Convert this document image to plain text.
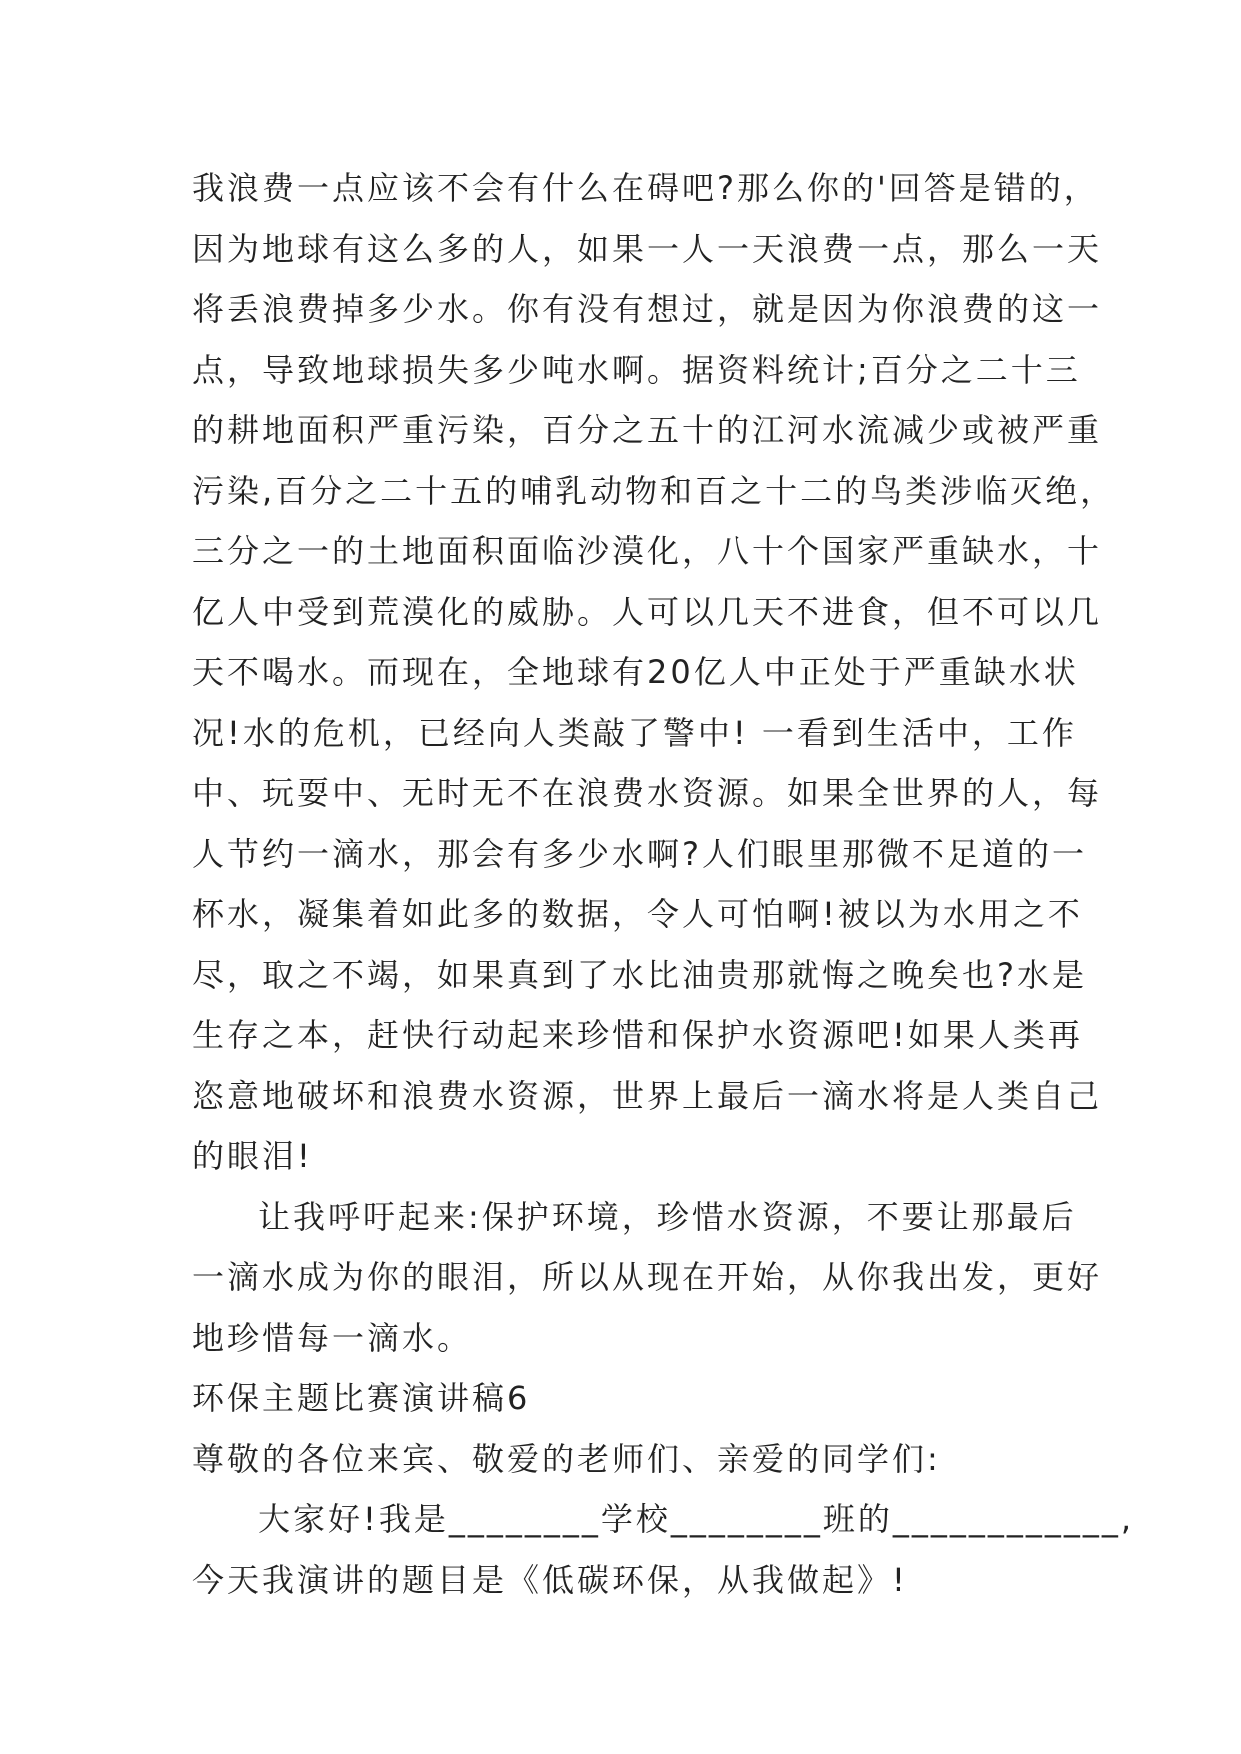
我浪费一点应该不会有什么在碍吧?那么你的'回答是错的，
因为地球有这么多的人，如果一人一天浪费一点，那么一天
将丢浪费掉多少水。你有没有想过，就是因为你浪费的这一
点，导致地球损失多少吨水啊。据资料统计;百分之二十三
的耕地面积严重污染，百分之五十的江河水流减少或被严重
污染,百分之二十五的哺乳动物和百之十二的鸟类涉临灭绝，
三分之一的土地面积面临沙漠化，八十个国家严重缺水，十
亿人中受到荒漠化的威胁。人可以几天不进食，但不可以几
天不喝水。而现在，全地球有20亿人中正处于严重缺水状
况!水的危机，已经向人类敲了警中! 一看到生活中，工作
中、玩耍中、无时无不在浪费水资源。如果全世界的人，每
人节约一滴水，那会有多少水啊?人们眼里那微不足道的一
杯水，凝集着如此多的数据，令人可怕啊!被以为水用之不
尽，取之不竭，如果真到了水比油贵那就悔之晚矣也?水是
生存之本，赶快行动起来珍惜和保护水资源吧!如果人类再
恣意地破坏和浪费水资源，世界上最后一滴水将是人类自己
的眼泪!
让我呼吁起来:保护环境，珍惜水资源，不要让那最后
一滴水成为你的眼泪，所以从现在开始，从你我出发，更好
地珍惜每一滴水。
环保主题比赛演讲稿6
尊敬的各位来宾、敬爱的老师们、亲爱的同学们:
大家好!我是________学校________班的____________,
今天我演讲的题目是《低碳环保，从我做起》!
